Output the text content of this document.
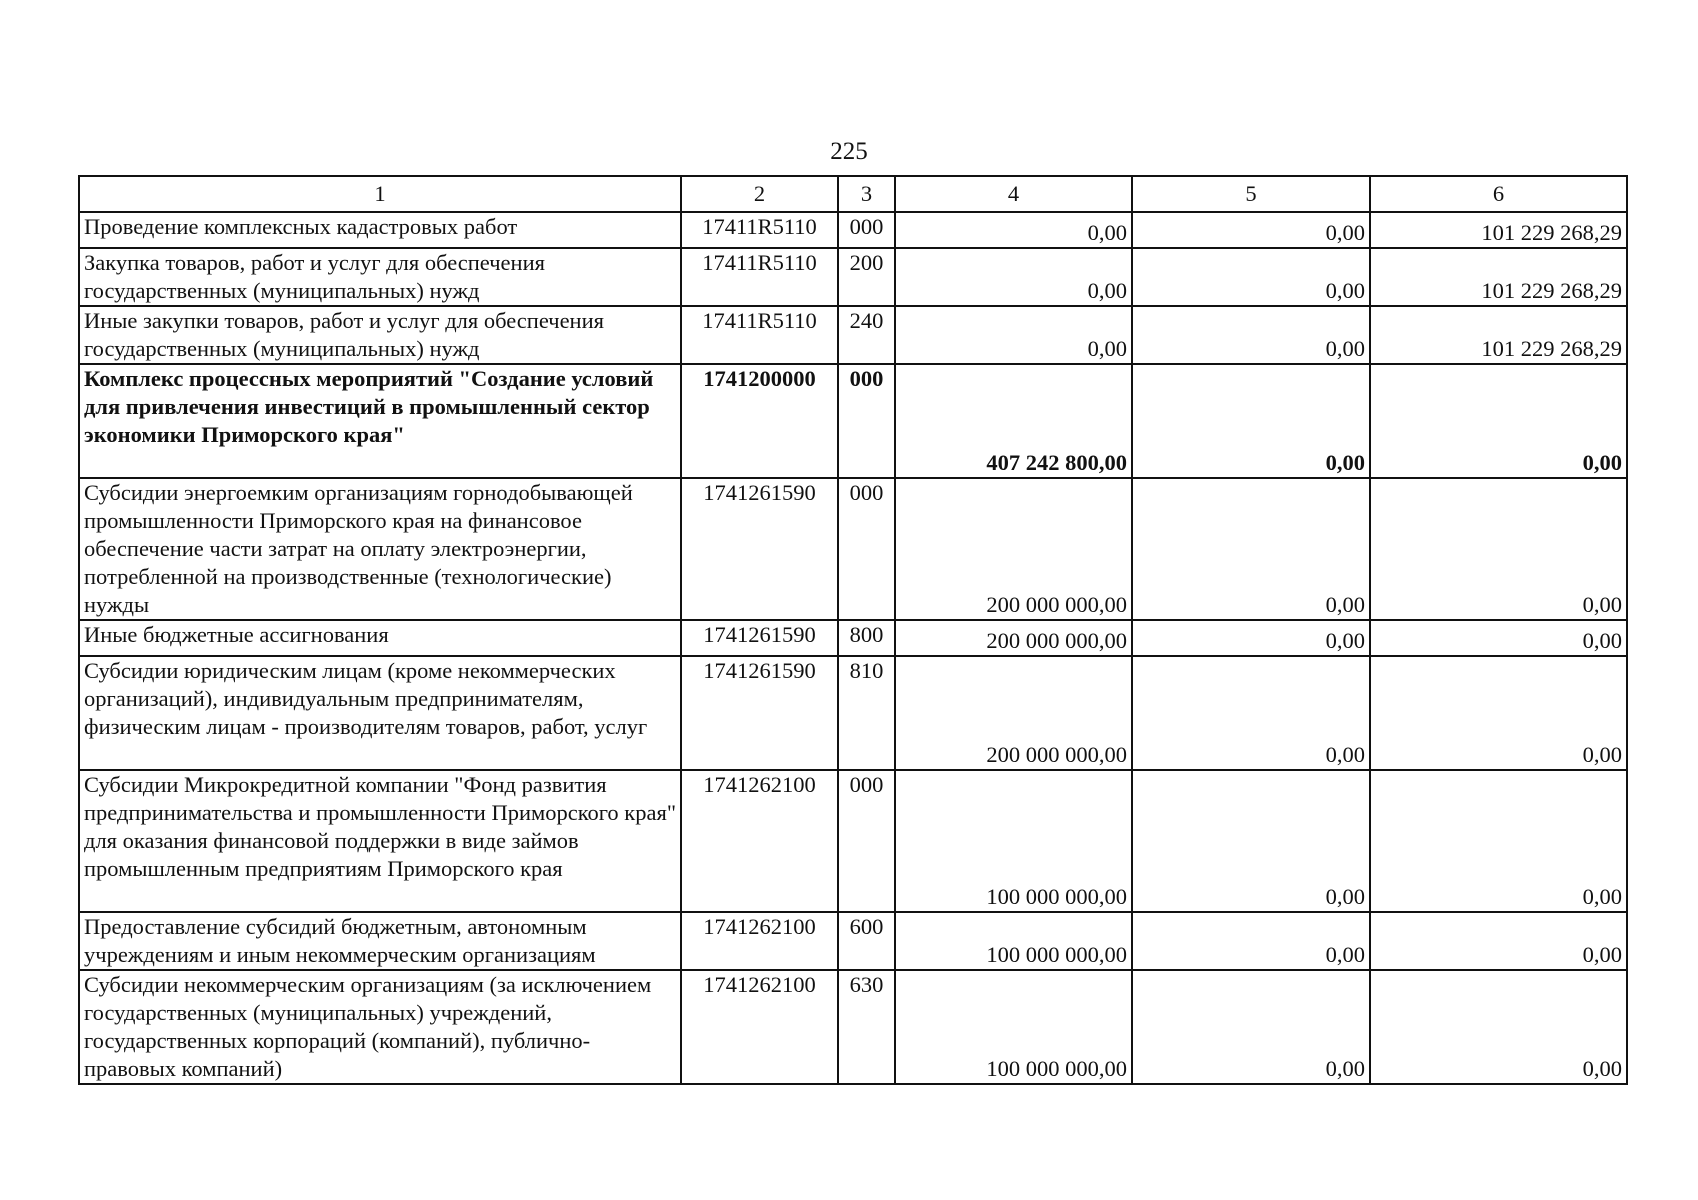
225
1	2	3	4	5	6
Проведение комплексных кадастровых работ	17411R5110	000	0,00	0,00	101 229 268,29
Закупка товаров, работ и услуг для обеспечения государственных (муниципальных) нужд	17411R5110	200	0,00	0,00	101 229 268,29
Иные закупки товаров, работ и услуг для обеспечения государственных (муниципальных) нужд	17411R5110	240	0,00	0,00	101 229 268,29
Комплекс процессных мероприятий "Создание условий для привлечения инвестиций в промышленный сектор экономики Приморского края"	1741200000	000	407 242 800,00	0,00	0,00
Субсидии энергоемким организациям горнодобывающей промышленности Приморского края на финансовое обеспечение части затрат на оплату электроэнергии, потребленной на производственные (технологические) нужды	1741261590	000	200 000 000,00	0,00	0,00
Иные бюджетные ассигнования	1741261590	800	200 000 000,00	0,00	0,00
Субсидии юридическим лицам (кроме некоммерческих организаций), индивидуальным предпринимателям, физическим лицам - производителям товаров, работ, услуг	1741261590	810	200 000 000,00	0,00	0,00
Субсидии Микрокредитной компании "Фонд развития предпринимательства и промышленности Приморского края" для оказания финансовой поддержки в виде займов промышленным предприятиям Приморского края	1741262100	000	100 000 000,00	0,00	0,00
Предоставление субсидий бюджетным, автономным учреждениям и иным некоммерческим организациям	1741262100	600	100 000 000,00	0,00	0,00
Субсидии некоммерческим организациям (за исключением государственных (муниципальных) учреждений, государственных корпораций (компаний), публично-правовых компаний)	1741262100	630	100 000 000,00	0,00	0,00
